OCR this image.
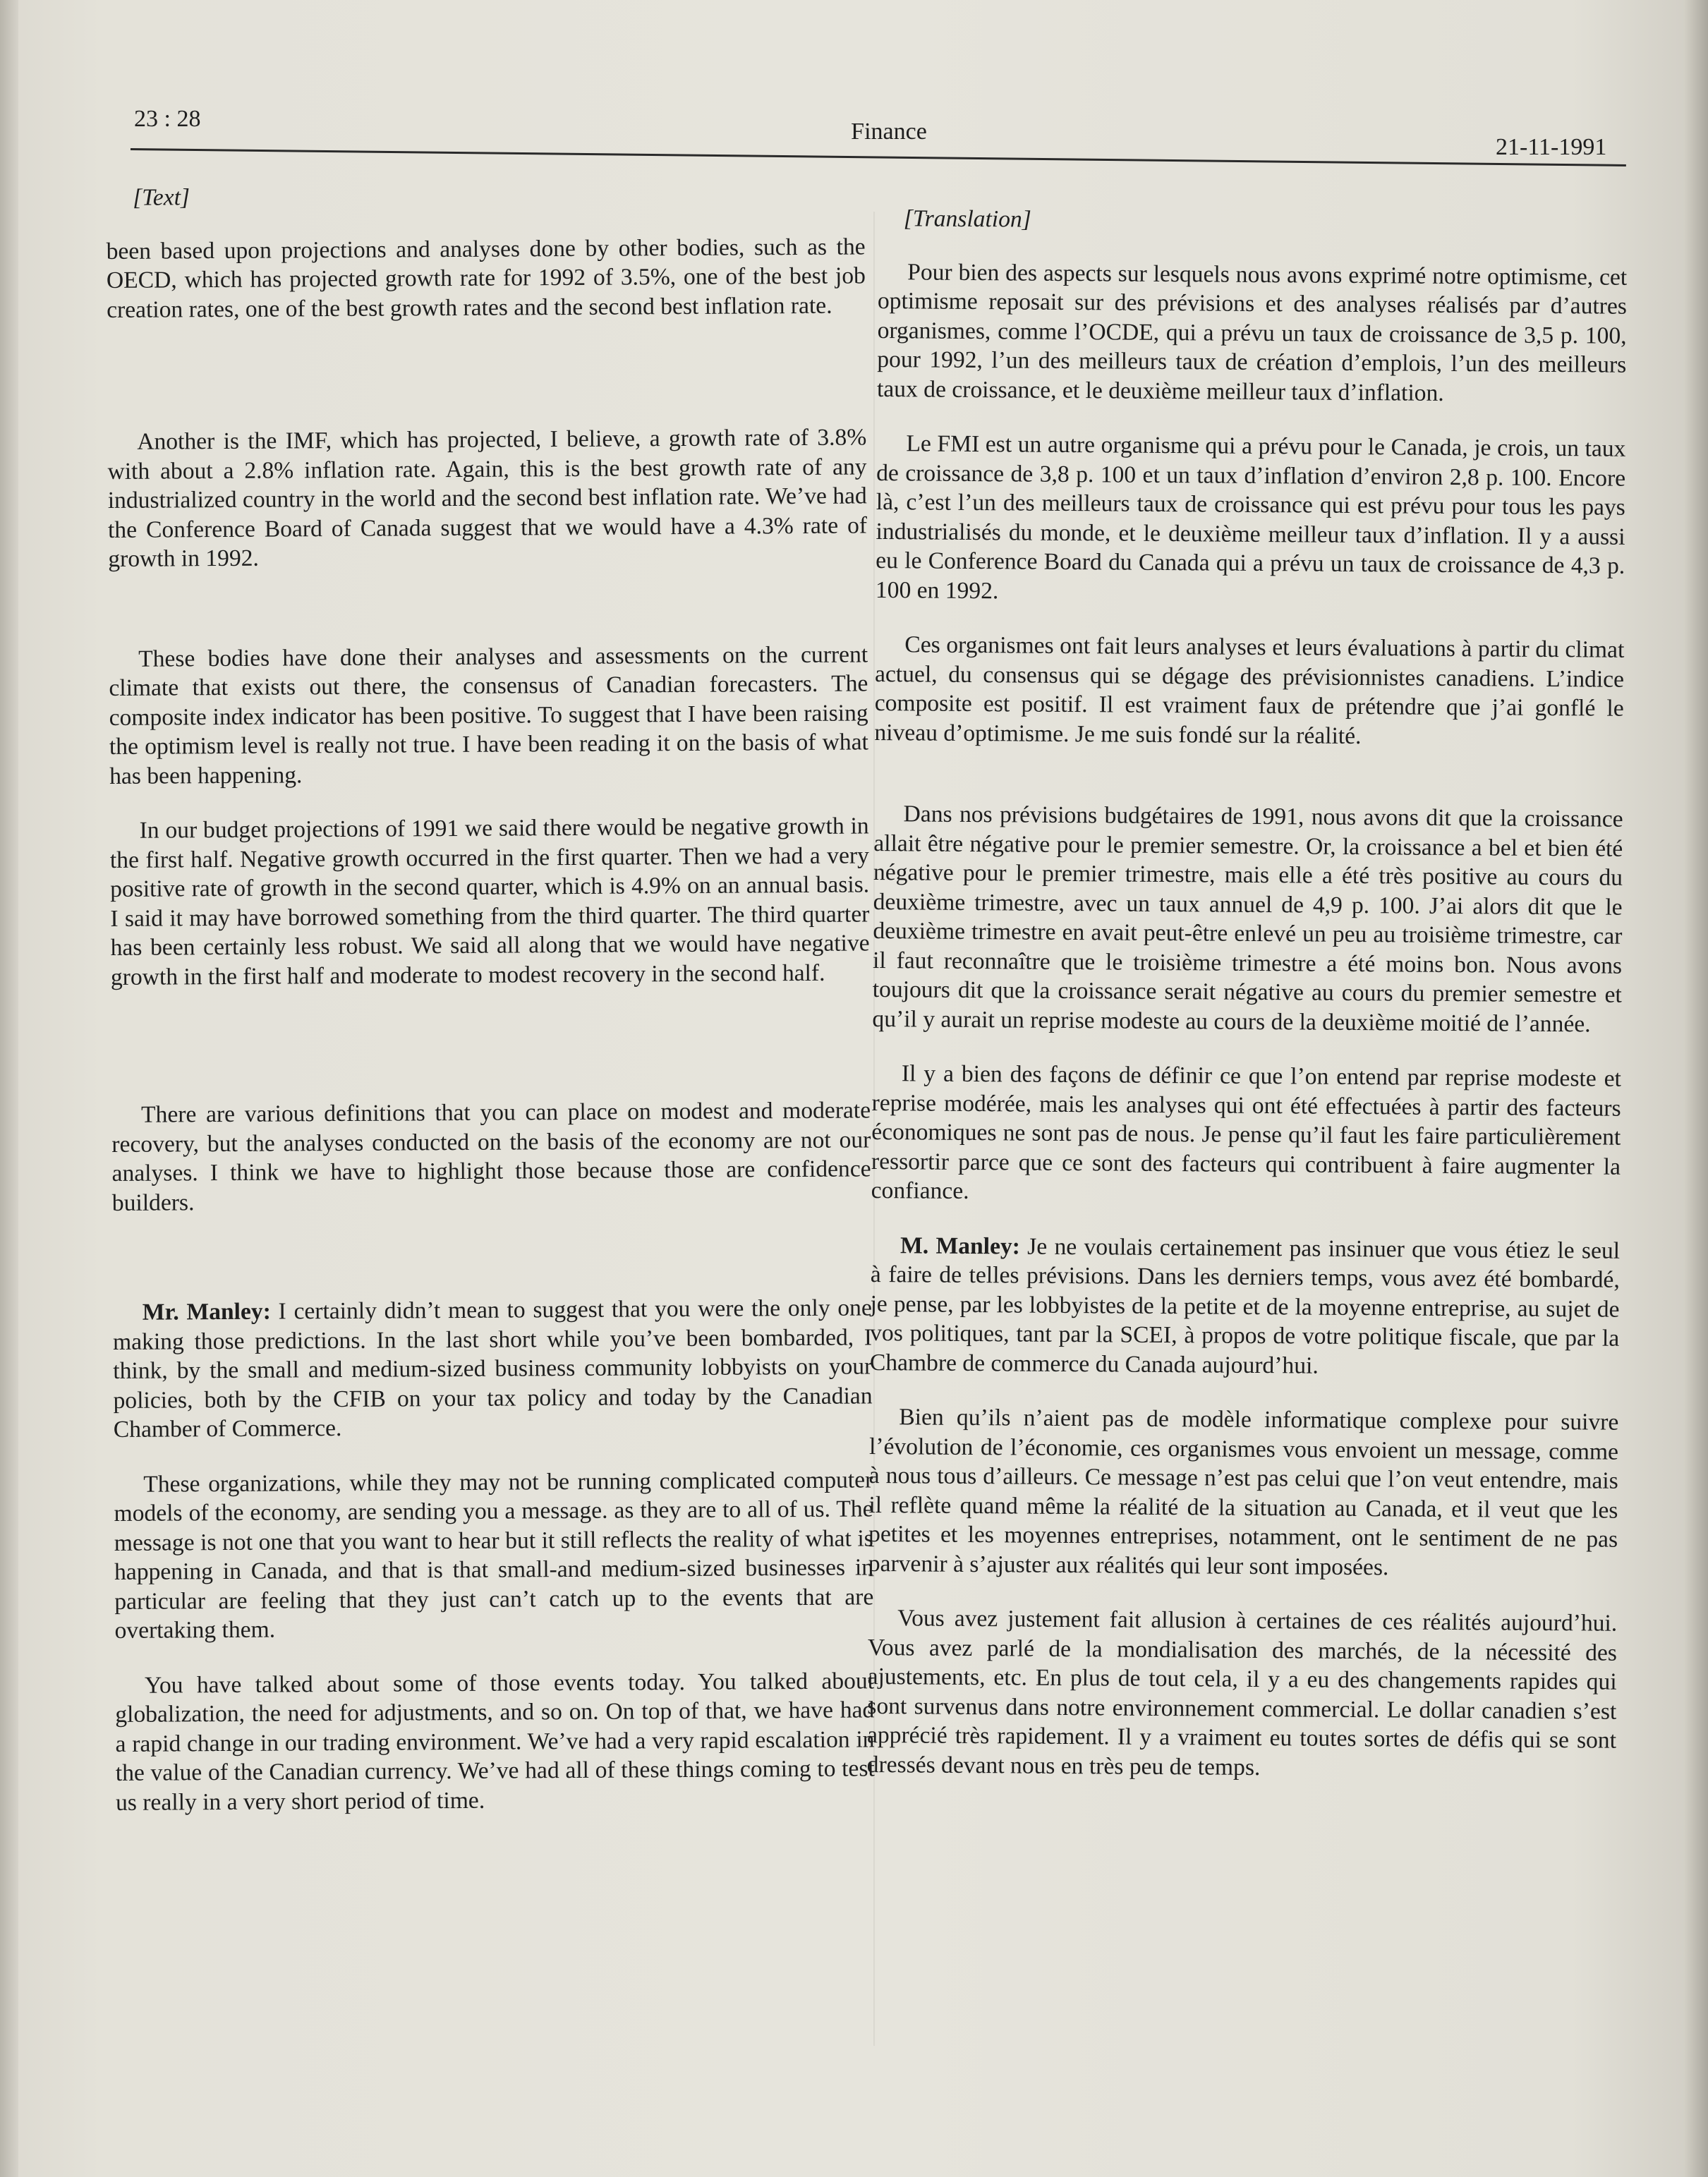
23 : 28	Finance
21-11-1991
[Text]

been based upon projections and analyses done by other bodies, such as the OECD, which has projected growth rate for 1992 of 3.5%, one of the best job creation rates, one of the best growth rates and the second best inflation rate.

Another is the IMF, which has projected, I believe, a growth rate of 3.8% with about a 2.8% inflation rate. Again, this is the best growth rate of any industrialized country in the world and the second best inflation rate. We’ve had the Conference Board of Canada suggest that we would have a 4.3% rate of growth in 1992.

These bodies have done their analyses and assessments on the current climate that exists out there, the consensus of Canadian forecasters. The composite index indicator has been positive. To suggest that I have been raising the optimism level is really not true. I have been reading it on the basis of what has been happening.

In our budget projections of 1991 we said there would be negative growth in the first half. Negative growth occurred in the first quarter. Then we had a very positive rate of growth in the second quarter, which is 4.9% on an annual basis. I said it may have borrowed something from the third quarter. The third quarter has been certainly less robust. We said all along that we would have negative growth in the first half and moderate to modest recovery in the second half.

There are various definitions that you can place on modest and moderate recovery, but the analyses conducted on the basis of the economy are not our analyses. I think we have to highlight those because those are confidence builders.

Mr. Manley: I certainly didn’t mean to suggest that you were the only one making those predictions. In the last short while you’ve been bombarded, I think, by the small and medium-sized business community lobbyists on your policies, both by the CFIB on your tax policy and today by the Canadian Chamber of Commerce.

These organizations, while they may not be running complicated computer models of the economy, are sending you a message. as they are to all of us. The message is not one that you want to hear but it still reflects the reality of what is happening in Canada, and that is that small-and medium-sized businesses in particular are feeling that they just can’t catch up to the events that are overtaking them.

You have talked about some of those events today. You talked about globalization, the need for adjustments, and so on. On top of that, we have had a rapid change in our trading environment. We’ve had a very rapid escalation in the value of the Canadian currency. We’ve had all of these things coming to test us really in a very short period of time.

[Translation]

Pour bien des aspects sur lesquels nous avons exprimé notre optimisme, cet optimisme reposait sur des prévisions et des analyses réalisés par d’autres organismes, comme l’OCDE, qui a prévu un taux de croissance de 3,5 p. 100, pour 1992, l’un des meilleurs taux de création d’emplois, l’un des meilleurs taux de croissance, et le deuxième meilleur taux d’inflation.

Le FMI est un autre organisme qui a prévu pour le Canada, je crois, un taux de croissance de 3,8 p. 100 et un taux d’inflation d’environ 2,8 p. 100. Encore là, c’est l’un des meilleurs taux de croissance qui est prévu pour tous les pays industrialisés du monde, et le deuxième meilleur taux d’inflation. Il y a aussi eu le Conference Board du Canada qui a prévu un taux de croissance de 4,3 p. 100 en 1992.

Ces organismes ont fait leurs analyses et leurs évaluations à partir du climat actuel, du consensus qui se dégage des prévisionnistes canadiens. L’indice composite est positif. Il est vraiment faux de prétendre que j’ai gonflé le niveau d’optimisme. Je me suis fondé sur la réalité.

Dans nos prévisions budgétaires de 1991, nous avons dit que la croissance allait être négative pour le premier semestre. Or, la croissance a bel et bien été négative pour le premier trimestre, mais elle a été très positive au cours du deuxième trimestre, avec un taux annuel de 4,9 p. 100. J’ai alors dit que le deuxième trimestre en avait peut-être enlevé un peu au troisième trimestre, car il faut reconnaître que le troisième trimestre a été moins bon. Nous avons toujours dit que la croissance serait négative au cours du premier semestre et qu’il y aurait un reprise modeste au cours de la deuxième moitié de l’année.

Il y a bien des façons de définir ce que l’on entend par reprise modeste et reprise modérée, mais les analyses qui ont été effectuées à partir des facteurs économiques ne sont pas de nous. Je pense qu’il faut les faire particulièrement ressortir parce que ce sont des facteurs qui contribuent à faire augmenter la confiance.

M. Manley: Je ne voulais certainement pas insinuer que vous étiez le seul à faire de telles prévisions. Dans les derniers temps, vous avez été bombardé, je pense, par les lobbyistes de la petite et de la moyenne entreprise, au sujet de vos politiques, tant par la SCEI, à propos de votre politique fiscale, que par la Chambre de commerce du Canada aujourd’hui.

Bien qu’ils n’aient pas de modèle informatique complexe pour suivre l’évolution de l’économie, ces organismes vous envoient un message, comme à nous tous d’ailleurs. Ce message n’est pas celui que l’on veut entendre, mais il reflète quand même la réalité de la situation au Canada, et il veut que les petites et les moyennes entreprises, notamment, ont le sentiment de ne pas parvenir à s’ajuster aux réalités qui leur sont imposées.

Vous avez justement fait allusion à certaines de ces réalités aujourd’hui. Vous avez parlé de la mondialisation des marchés, de la nécessité des ajustements, etc. En plus de tout cela, il y a eu des changements rapides qui sont survenus dans notre environnement commercial. Le dollar canadien s’est apprécié très rapidement. Il y a vraiment eu toutes sortes de défis qui se sont dressés devant nous en très peu de temps.
